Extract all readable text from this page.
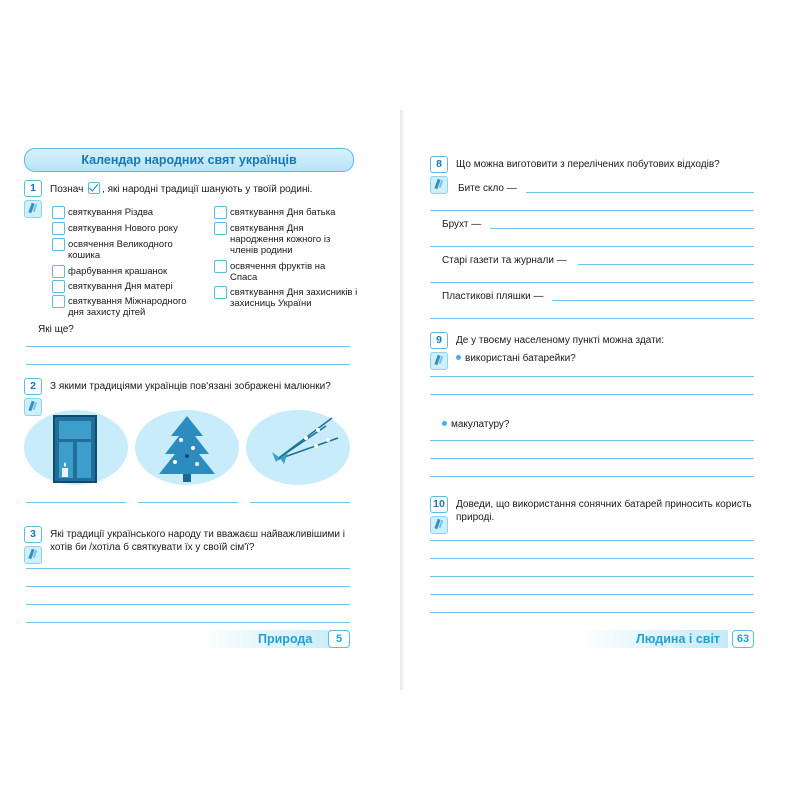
Календар народних свят українців
1	Познач , які народні традиції шанують у твоїй родині.
святкування Різдва
святкування Нового року
освячення Великодного кошика
фарбування крашанок
святкування Дня матері
святкування Міжнародного дня захисту дітей
святкування Дня батька
святкування Дня народження кожного із членів родини
освячення фруктів на Спаса
святкування Дня захисників і захисниць України
Які ще?
2	З якими традиціями українців пов'язані зображені малюнки?
3	Які традиції українського народу ти вважаєш найважливішими і хотів би /хотіла б святкувати їх у своїй сім'ї?
Природа	5
8	Що можна виготовити з перелічених побутових відходів?
Бите скло —
Брухт —
Старі газети та журнали —
Пластикові пляшки —
9	Де у твоєму населеному пункті можна здати:
використані батарейки?
макулатуру?
10	Доведи, що використання сонячних батарей приносить користь природі.
Людина і світ	63
